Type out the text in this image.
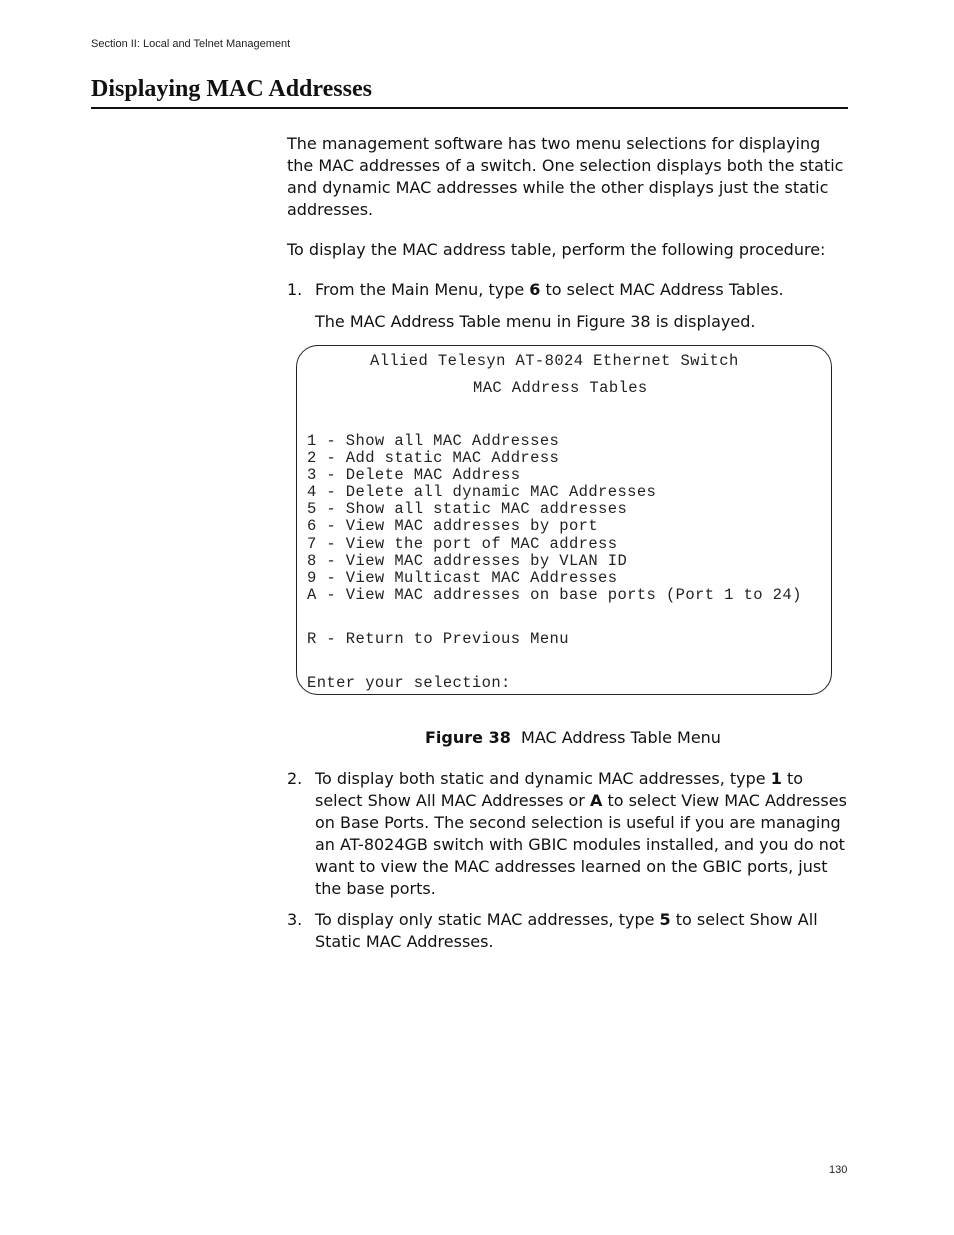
Section II: Local and Telnet Management
Displaying MAC Addresses

The management software has two menu selections for displaying the MAC addresses of a switch. One selection displays both the static and dynamic MAC addresses while the other displays just the static addresses.

To display the MAC address table, perform the following procedure:

1. From the Main Menu, type 6 to select MAC Address Tables.
The MAC Address Table menu in Figure 38 is displayed.
Allied Telesyn AT-8024 Ethernet Switch
MAC Address Tables
1 - Show all MAC Addresses
2 - Add static MAC Address
3 - Delete MAC Address
4 - Delete all dynamic MAC Addresses
5 - Show all static MAC addresses
6 - View MAC addresses by port
7 - View the port of MAC address
8 - View MAC addresses by VLAN ID
9 - View Multicast MAC Addresses
A - View MAC addresses on base ports (Port 1 to 24)
R - Return to Previous Menu
Enter your selection:
Figure 38 MAC Address Table Menu
2. To display both static and dynamic MAC addresses, type 1 to select Show All MAC Addresses or A to select View MAC Addresses on Base Ports. The second selection is useful if you are managing an AT-8024GB switch with GBIC modules installed, and you do not want to view the MAC addresses learned on the GBIC ports, just the base ports.
3. To display only static MAC addresses, type 5 to select Show All Static MAC Addresses.
130
